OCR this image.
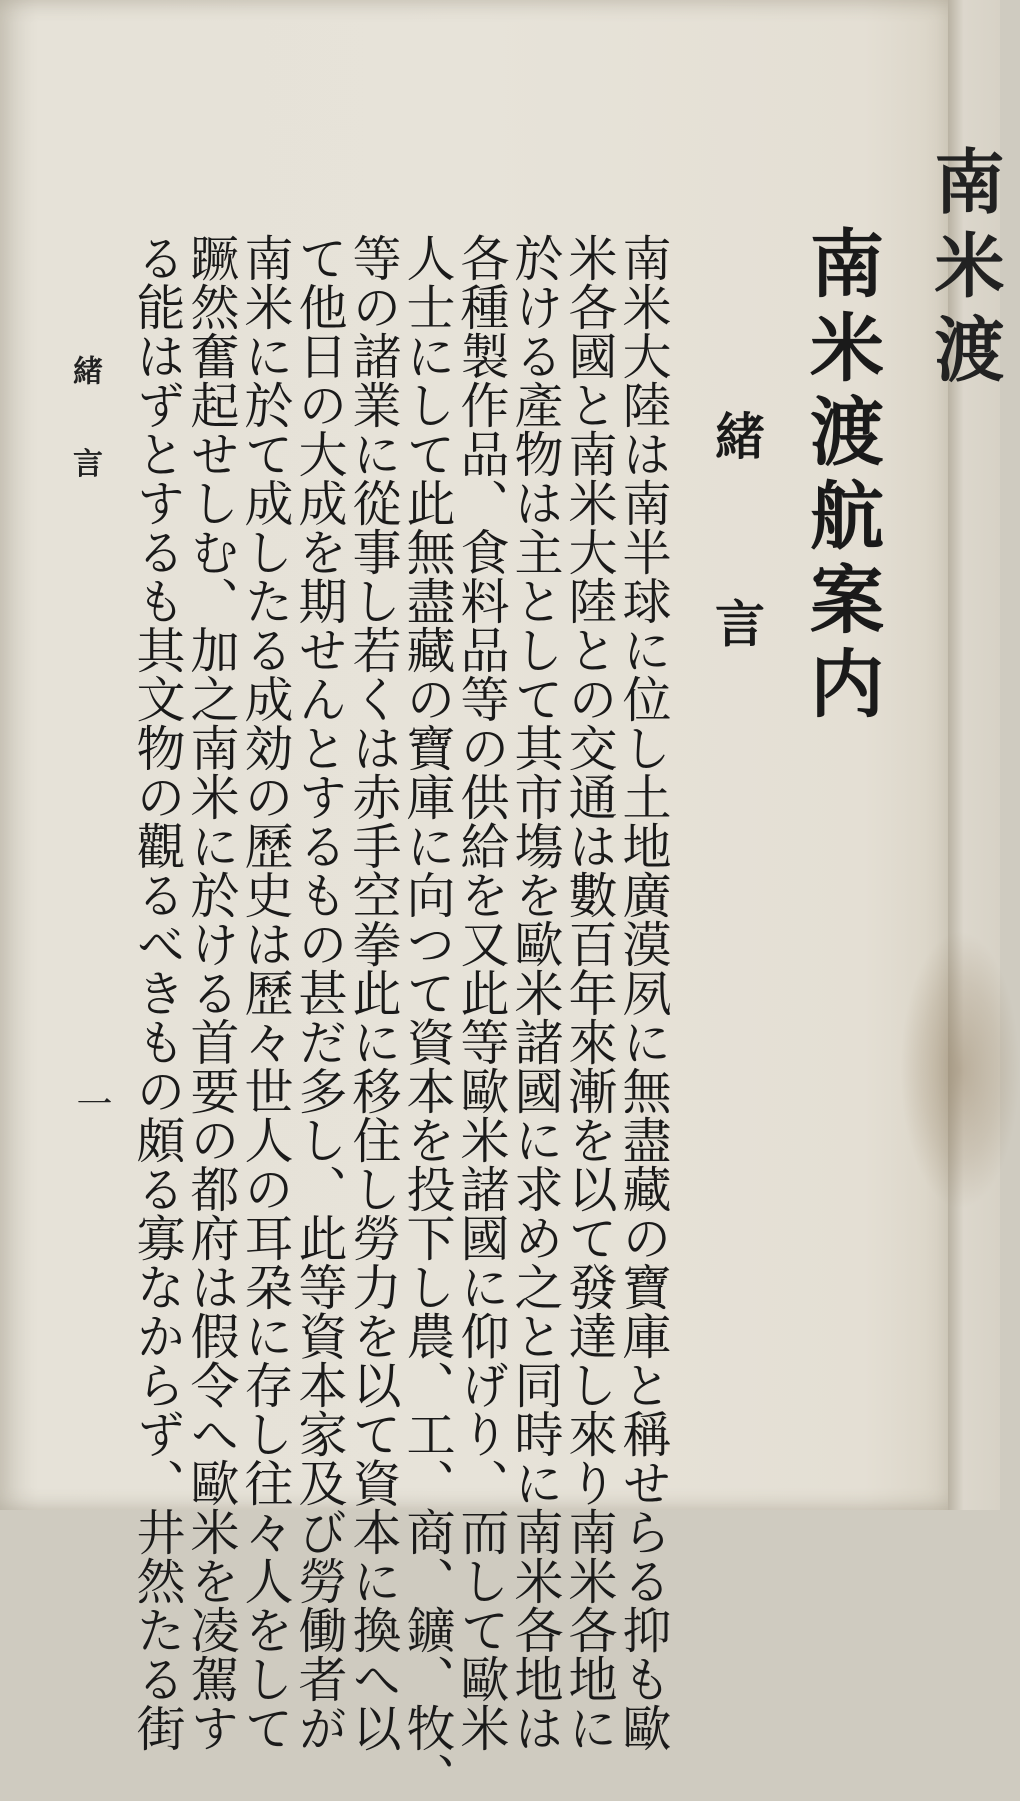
南米渡
南米渡航案内
緒 言
南米大陸は南半球に位し土地廣漠夙に無盡藏の寶庫と稱せらる抑も歐
米各國と南米大陸との交通は數百年來漸を以て發達し來り南米各地に
於ける產物は主として其市塲を歐米諸國に求め之と同時に南米各地は
各種製作品、食料品等の供給を又此等歐米諸國に仰げり、而して歐米
人士にして此無盡藏の寶庫に向つて資本を投下し農、工、商、鑛、牧、
等の諸業に從事し若くは赤手空拳此に移住し勞力を以て資本に換へ以
て他日の大成を期せんとするもの甚だ多し、此等資本家及び勞働者が
南米に於て成したる成効の歷史は歷々世人の耳朶に存し往々人をして
蹶然奮起せしむ、加之南米に於ける首要の都府は假令へ歐米を凌駕す
る能はずとするも其文物の觀るべきもの頗る寡なからず、井然たる街
緒 言
一
